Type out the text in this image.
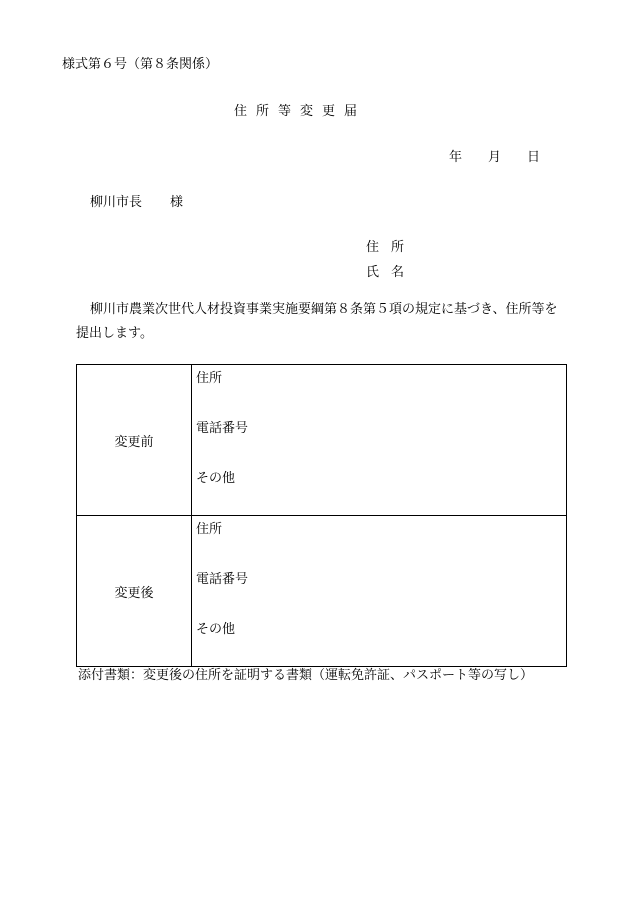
様式第６号（第８条関係）
住所等変更届
年 月 日
柳川市長 様
住 所
氏 名
柳川市農業次世代人材投資事業実施要綱第８条第５項の規定に基づき、住所等を提出します。
変更前	住所
電話番号
その他

変更後	住所
電話番号
その他
添付書類：変更後の住所を証明する書類（運転免許証、パスポート等の写し）
